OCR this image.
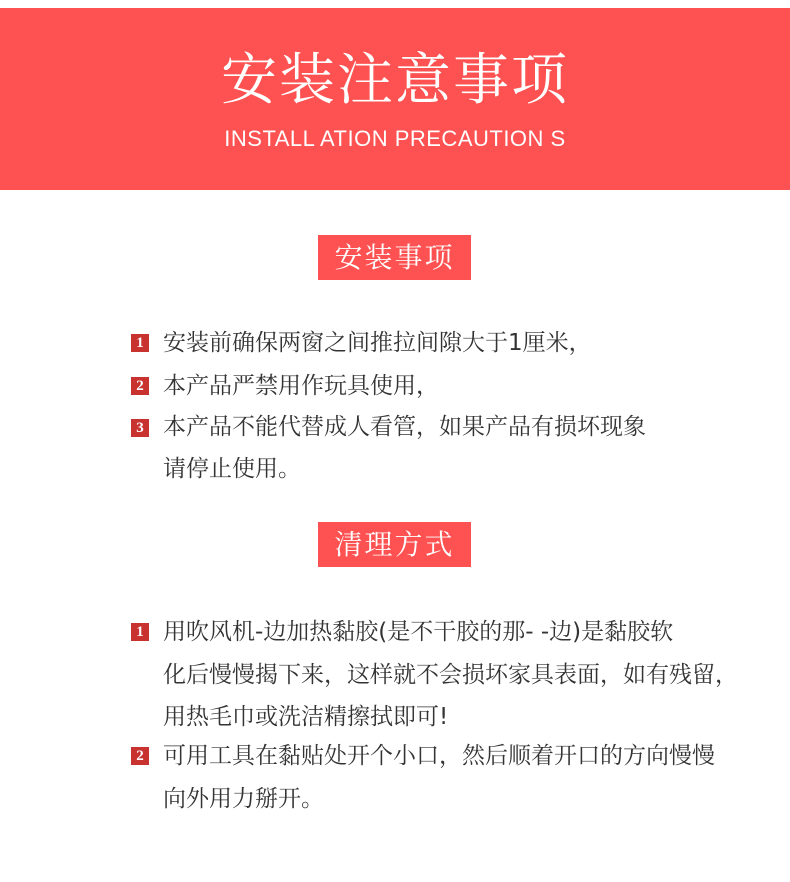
安装注意事项
INSTALL ATION PRECAUTION S
安装事项
1 安装前确保两窗之间推拉间隙大于1厘米，
2 本产品严禁用作玩具使用，
3 本产品不能代替成人看管，如果产品有损坏现象
请停止使用。
清理方式
1 用吹风机-边加热黏胶(是不干胶的那- -边)是黏胶软
化后慢慢揭下来，这样就不会损坏家具表面，如有残留，
用热毛巾或洗洁精擦拭即可!
2 可用工具在黏贴处开个小口，然后顺着开口的方向慢慢
向外用力掰开。
